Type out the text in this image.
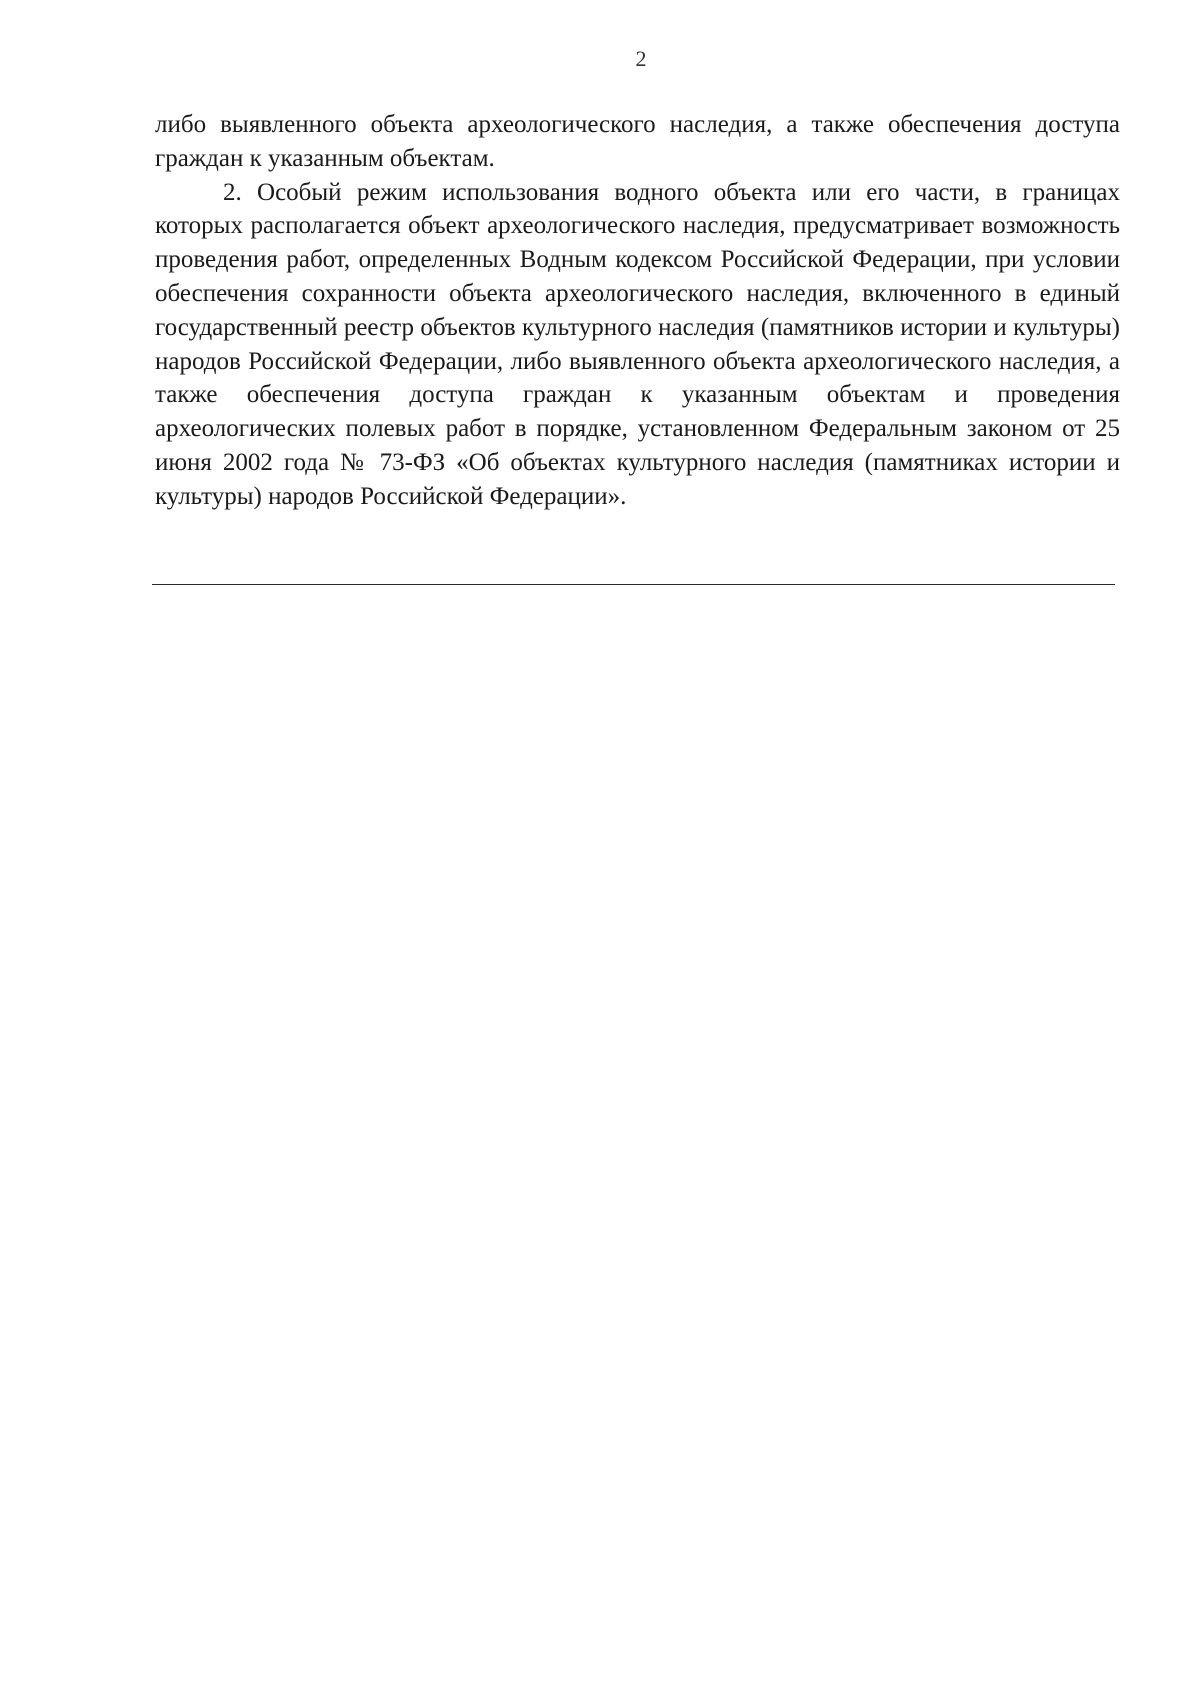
2

либо выявленного объекта археологического наследия, а также обеспечения доступа граждан к указанным объектам.

2. Особый режим использования водного объекта или его части, в границах которых располагается объект археологического наследия, предусматривает возможность проведения работ, определенных Водным кодексом Российской Федерации, при условии обеспечения сохранности объекта археологического наследия, включенного в единый государственный реестр объектов культурного наследия (памятников истории и культуры) народов Российской Федерации, либо выявленного объекта археологического наследия, а также обеспечения доступа граждан к указанным объектам и проведения археологических полевых работ в порядке, установленном Федеральным законом от 25 июня 2002 года № 73-ФЗ «Об объектах культурного наследия (памятниках истории и культуры) народов Российской Федерации».
